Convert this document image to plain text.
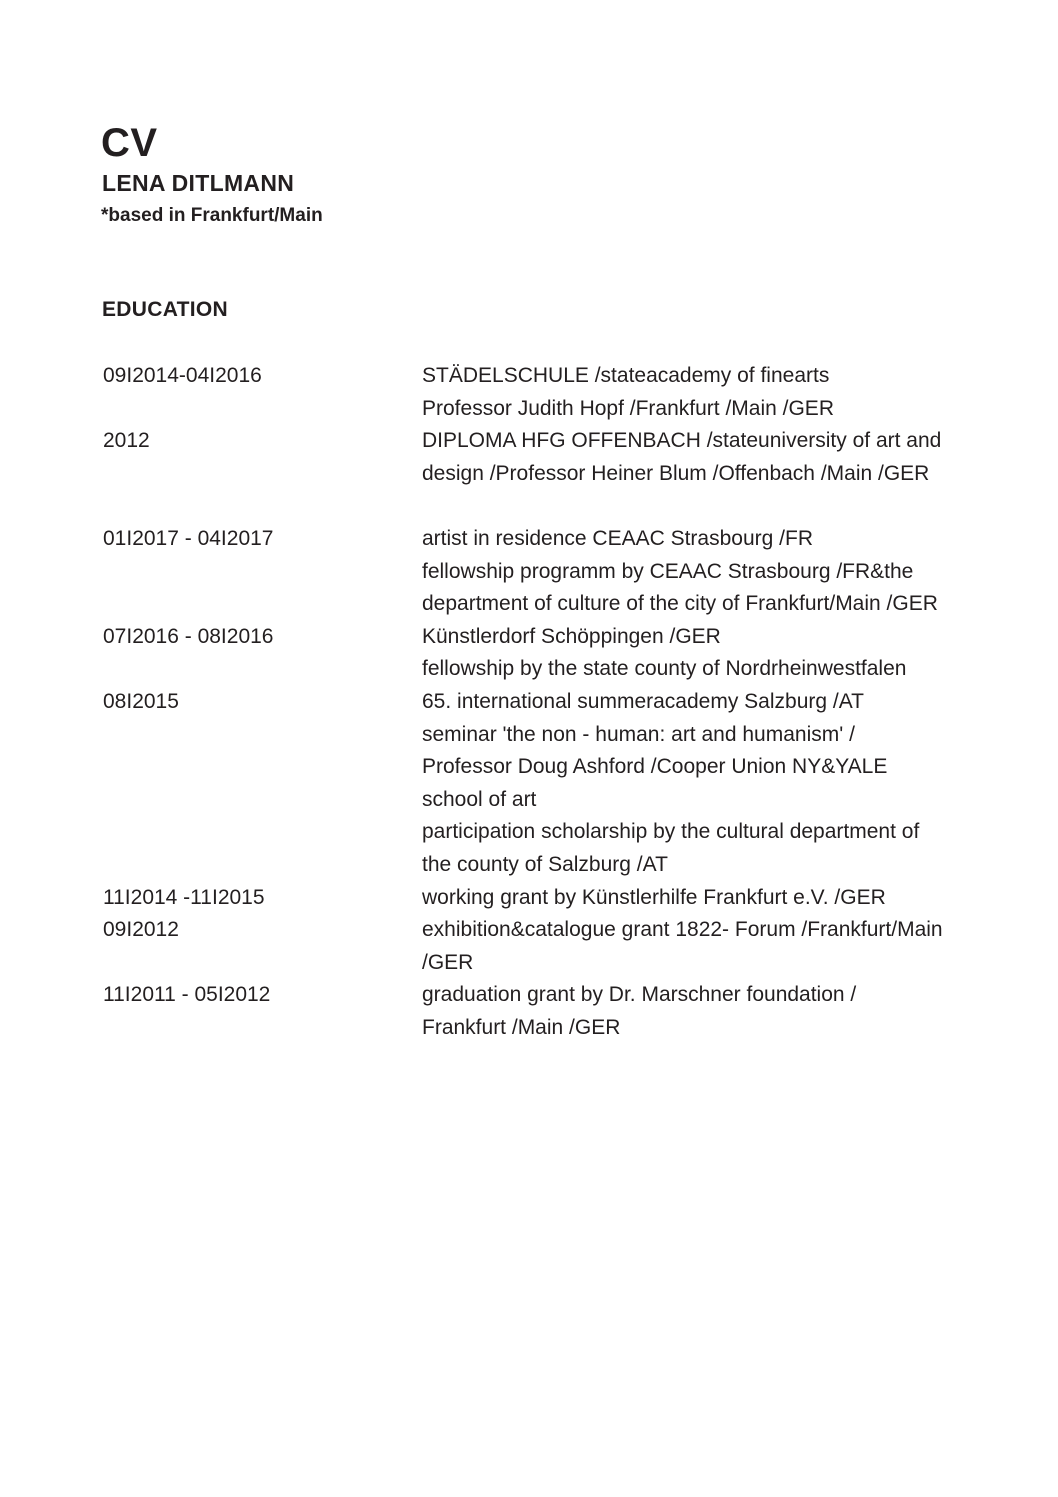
CV
LENA DITLMANN
*based in Frankfurt/Main
EDUCATION
09I2014-04I2016	STÄDELSCHULE /stateacademy of finearts
Professor Judith Hopf /Frankfurt /Main /GER
2012	DIPLOMA HFG OFFENBACH /stateuniversity of art and
design /Professor Heiner Blum /Offenbach /Main /GER
01I2017 - 04I2017	artist in residence CEAAC Strasbourg /FR
fellowship programm by CEAAC Strasbourg /FR&the
department of culture of the city of Frankfurt/Main /GER
07I2016 - 08I2016	Künstlerdorf Schöppingen /GER
fellowship by the state county of Nordrheinwestfalen
08I2015	65. international summeracademy Salzburg /AT
seminar 'the non - human: art and humanism' /
Professor Doug Ashford /Cooper Union NY&YALE
school of art
participation scholarship by the cultural department of
the county of Salzburg /AT
11I2014 -11I2015	working grant by Künstlerhilfe Frankfurt e.V. /GER
09I2012	exhibition&catalogue grant 1822- Forum /Frankfurt/Main
/GER
11I2011 - 05I2012	graduation grant by Dr. Marschner foundation /
Frankfurt /Main /GER
